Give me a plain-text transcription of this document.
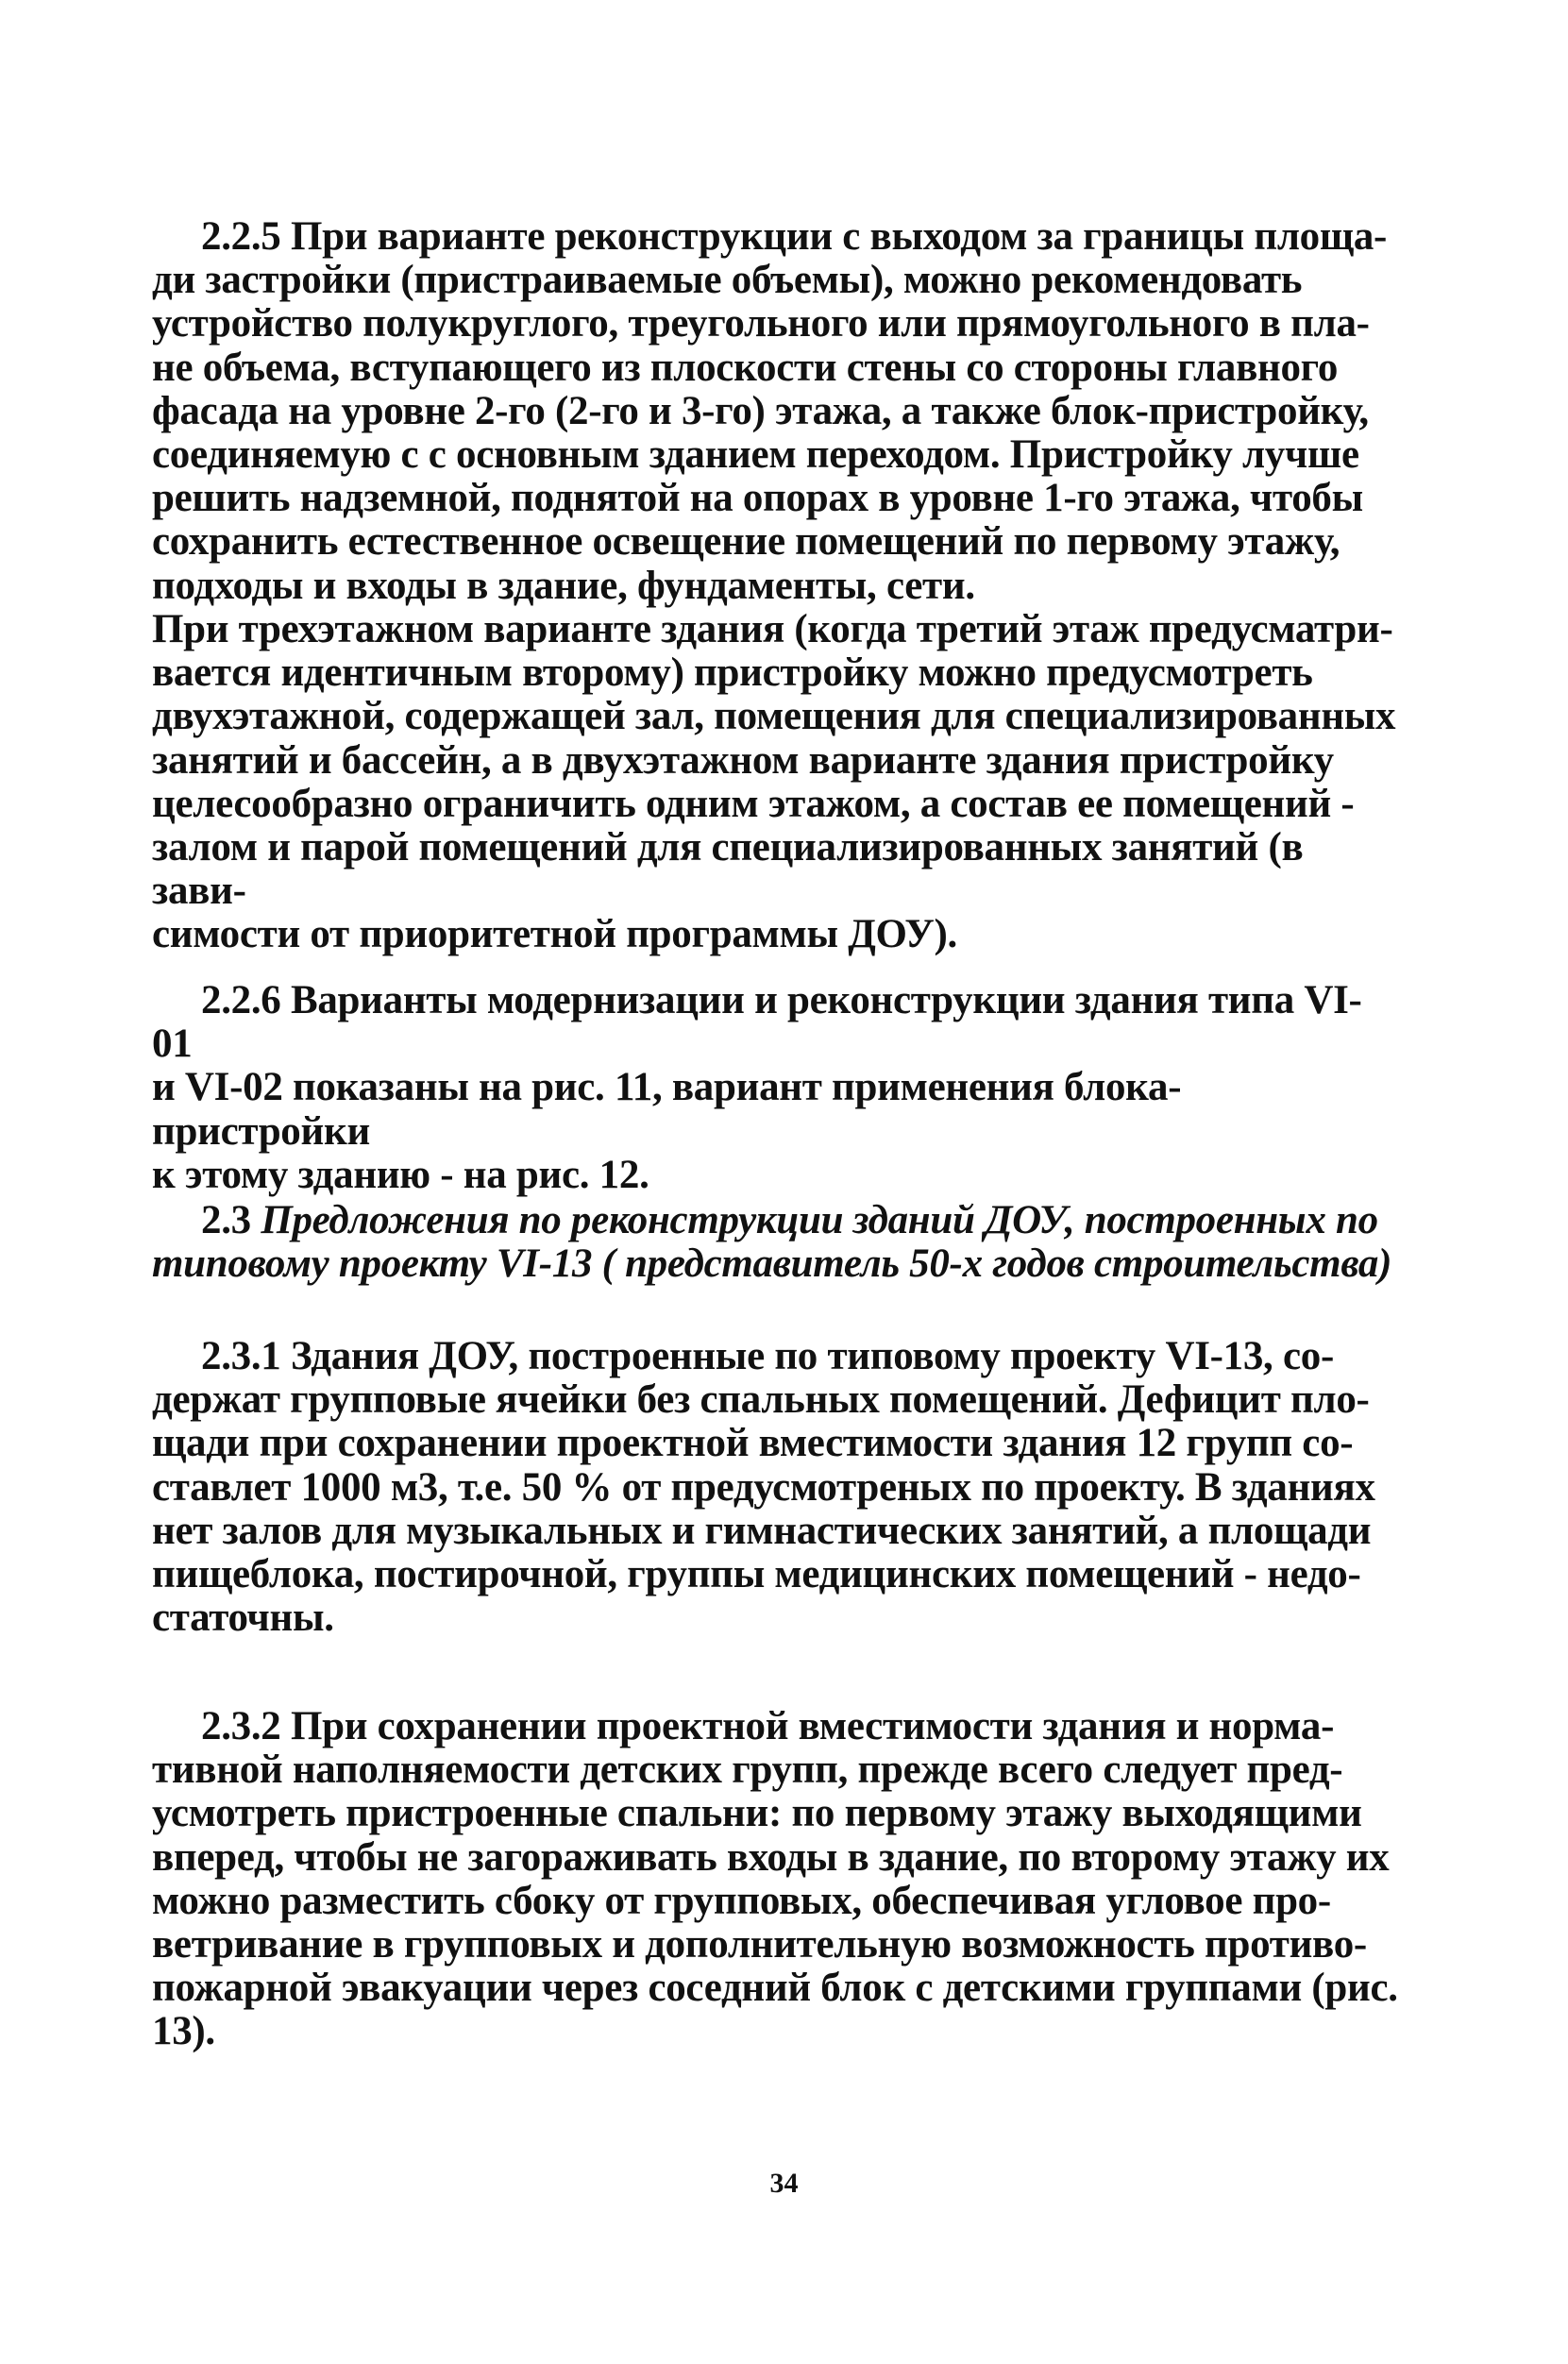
2.2.5 При варианте реконструкции с выходом за границы площа-
ди застройки (пристраиваемые объемы), можно рекомендовать
устройство полукруглого, треугольного или прямоугольного в пла-
не объема, вступающего из плоскости стены со стороны главного
фасада на уровне 2-го (2-го и 3-го) этажа, а также блок-пристройку,
соединяемую с с основным зданием переходом. Пристройку лучше
решить надземной, поднятой на опорах в уровне 1-го этажа, чтобы
сохранить естественное освещение помещений по первому этажу,
подходы и входы в здание, фундаменты, сети.

При трехэтажном варианте здания (когда третий этаж предусматри-
вается идентичным второму) пристройку можно предусмотреть
двухэтажной, содержащей зал, помещения для специализированных
занятий и бассейн, а в двухэтажном варианте здания пристройку
целесообразно ограничить одним этажом, а состав ее помещений -
залом и парой помещений для специализированных занятий (в зави-
симости от приоритетной программы ДОУ).

2.2.6 Варианты модернизации и реконструкции здания типа VI-01
и VI-02 показаны на рис. 11, вариант применения блока-пристройки
к этому зданию - на рис. 12.

2.3 Предложения по реконструкции зданий ДОУ, построенных по
типовому проекту VI-13 ( представитель 50-х годов строительства)

2.3.1 Здания ДОУ, построенные по типовому проекту VI-13, со-
держат групповые ячейки без спальных помещений. Дефицит пло-
щади при сохранении проектной вместимости здания 12 групп со-
ставлет 1000 м3, т.е. 50 % от предусмотреных по проекту. В зданиях
нет залов для музыкальных и гимнастических занятий, а площади
пищеблока, постирочной, группы медицинских помещений - недо-
статочны.

2.3.2 При сохранении проектной вместимости здания и норма-
тивной наполняемости детских групп, прежде всего следует пред-
усмотреть пристроенные спальни: по первому этажу выходящими
вперед, чтобы не загораживать входы в здание, по второму этажу их
можно разместить сбоку от групповых, обеспечивая угловое про-
ветривание в групповых и дополнительную возможность противо-
пожарной эвакуации через соседний блок с детскими группами (рис.
13).

34
